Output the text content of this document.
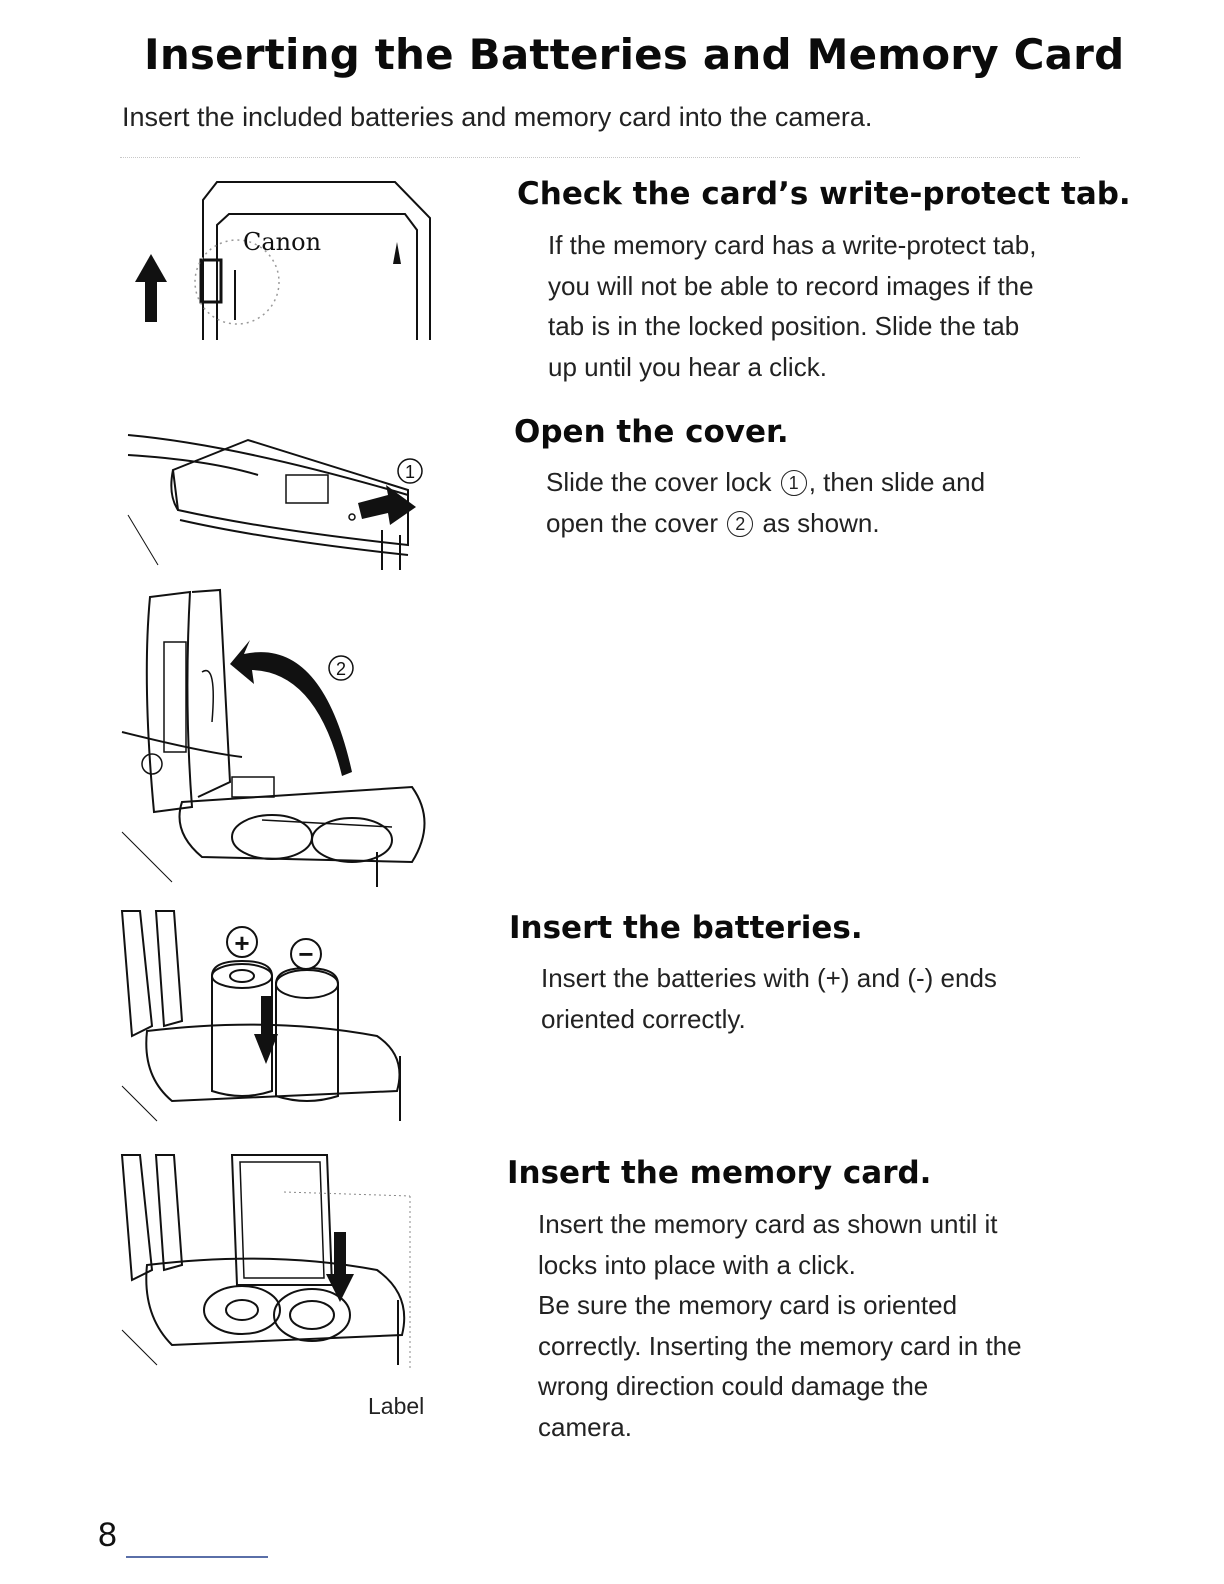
Inserting the Batteries and Memory Card

Insert the included batteries and memory card into the camera.

Check the card’s write-protect tab.

If the memory card has a write-protect tab,

you will not be able to record images if the

tab is in the locked position. Slide the tab

up until you hear a click.

Open the cover.

Slide the cover lock 1 , then slide and

open the cover 2 as shown.

Insert the batteries.

Insert the batteries with (+) and (-) ends

oriented correctly.

Insert the memory card.

Insert the memory card as shown until it

locks into place with a click.

Be sure the memory card is oriented

correctly. Inserting the memory card in the

wrong direction could damage the

camera.

Canon
1
2
+ −
Label
8
